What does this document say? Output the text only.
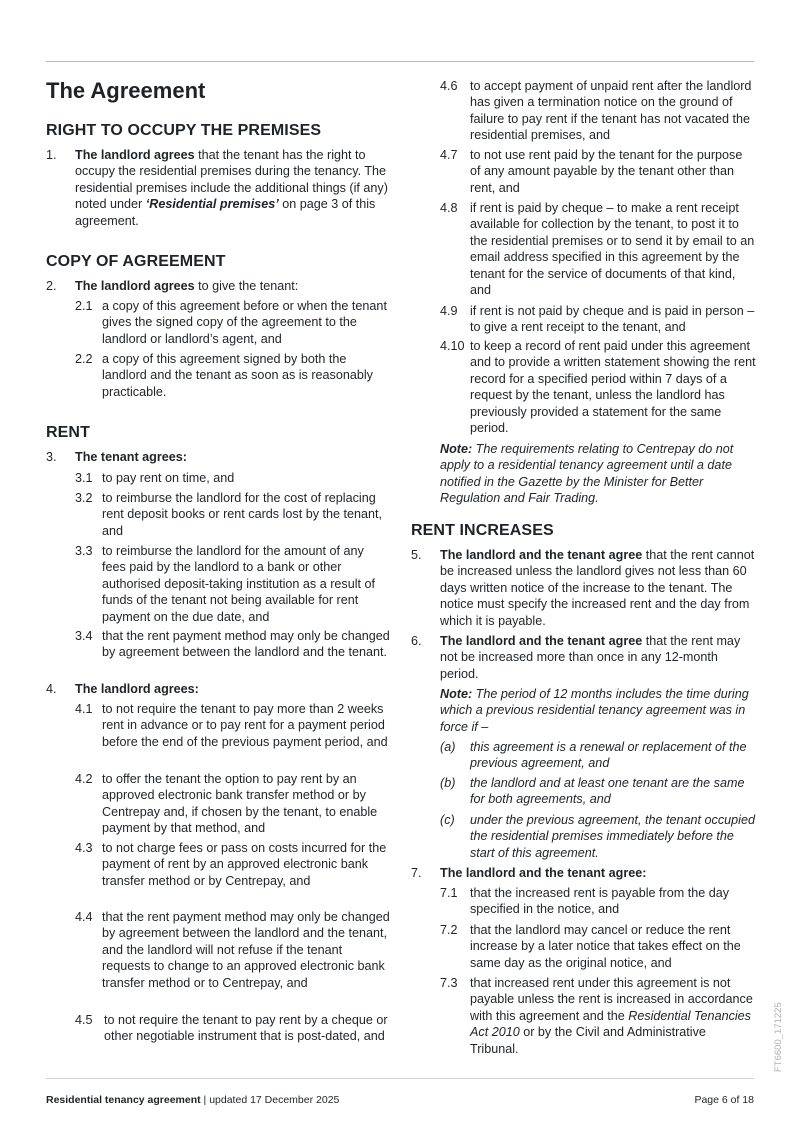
The Agreement
RIGHT TO OCCUPY THE PREMISES
1. The landlord agrees that the tenant has the right to occupy the residential premises during the tenancy. The residential premises include the additional things (if any) noted under ‘Residential premises’ on page 3 of this agreement.
COPY OF AGREEMENT
2. The landlord agrees to give the tenant:
2.1 a copy of this agreement before or when the tenant gives the signed copy of the agreement to the landlord or landlord’s agent, and
2.2 a copy of this agreement signed by both the landlord and the tenant as soon as is reasonably practicable.
RENT
3. The tenant agrees:
3.1 to pay rent on time, and
3.2 to reimburse the landlord for the cost of replacing rent deposit books or rent cards lost by the tenant, and
3.3 to reimburse the landlord for the amount of any fees paid by the landlord to a bank or other authorised deposit-taking institution as a result of funds of the tenant not being available for rent payment on the due date, and
3.4 that the rent payment method may only be changed by agreement between the landlord and the tenant.
4. The landlord agrees:
4.1 to not require the tenant to pay more than 2 weeks rent in advance or to pay rent for a payment period before the end of the previous payment period, and
4.2 to offer the tenant the option to pay rent by an approved electronic bank transfer method or by Centrepay and, if chosen by the tenant, to enable payment by that method, and
4.3 to not charge fees or pass on costs incurred for the payment of rent by an approved electronic bank transfer method or by Centrepay, and
4.4 that the rent payment method may only be changed by agreement between the landlord and the tenant, and the landlord will not refuse if the tenant requests to change to an approved electronic bank transfer method or to Centrepay, and
4.5 to not require the tenant to pay rent by a cheque or other negotiable instrument that is post-dated, and
4.6 to accept payment of unpaid rent after the landlord has given a termination notice on the ground of failure to pay rent if the tenant has not vacated the residential premises, and
4.7 to not use rent paid by the tenant for the purpose of any amount payable by the tenant other than rent, and
4.8 if rent is paid by cheque – to make a rent receipt available for collection by the tenant, to post it to the residential premises or to send it by email to an email address specified in this agreement by the tenant for the service of documents of that kind, and
4.9 if rent is not paid by cheque and is paid in person – to give a rent receipt to the tenant, and
4.10 to keep a record of rent paid under this agreement and to provide a written statement showing the rent record for a specified period within 7 days of a request by the tenant, unless the landlord has previously provided a statement for the same period.
Note: The requirements relating to Centrepay do not apply to a residential tenancy agreement until a date notified in the Gazette by the Minister for Better Regulation and Fair Trading.
RENT INCREASES
5. The landlord and the tenant agree that the rent cannot be increased unless the landlord gives not less than 60 days written notice of the increase to the tenant. The notice must specify the increased rent and the day from which it is payable.
6. The landlord and the tenant agree that the rent may not be increased more than once in any 12-month period.
Note: The period of 12 months includes the time during which a previous residential tenancy agreement was in force if –
(a) this agreement is a renewal or replacement of the previous agreement, and
(b) the landlord and at least one tenant are the same for both agreements, and
(c) under the previous agreement, the tenant occupied the residential premises immediately before the start of this agreement.
7. The landlord and the tenant agree:
7.1 that the increased rent is payable from the day specified in the notice, and
7.2 that the landlord may cancel or reduce the rent increase by a later notice that takes effect on the same day as the original notice, and
7.3 that increased rent under this agreement is not payable unless the rent is increased in accordance with this agreement and the Residential Tenancies Act 2010 or by the Civil and Administrative Tribunal.	FT6600_171225
Residential tenancy agreement | updated 17 December 2025	Page 6 of 18
